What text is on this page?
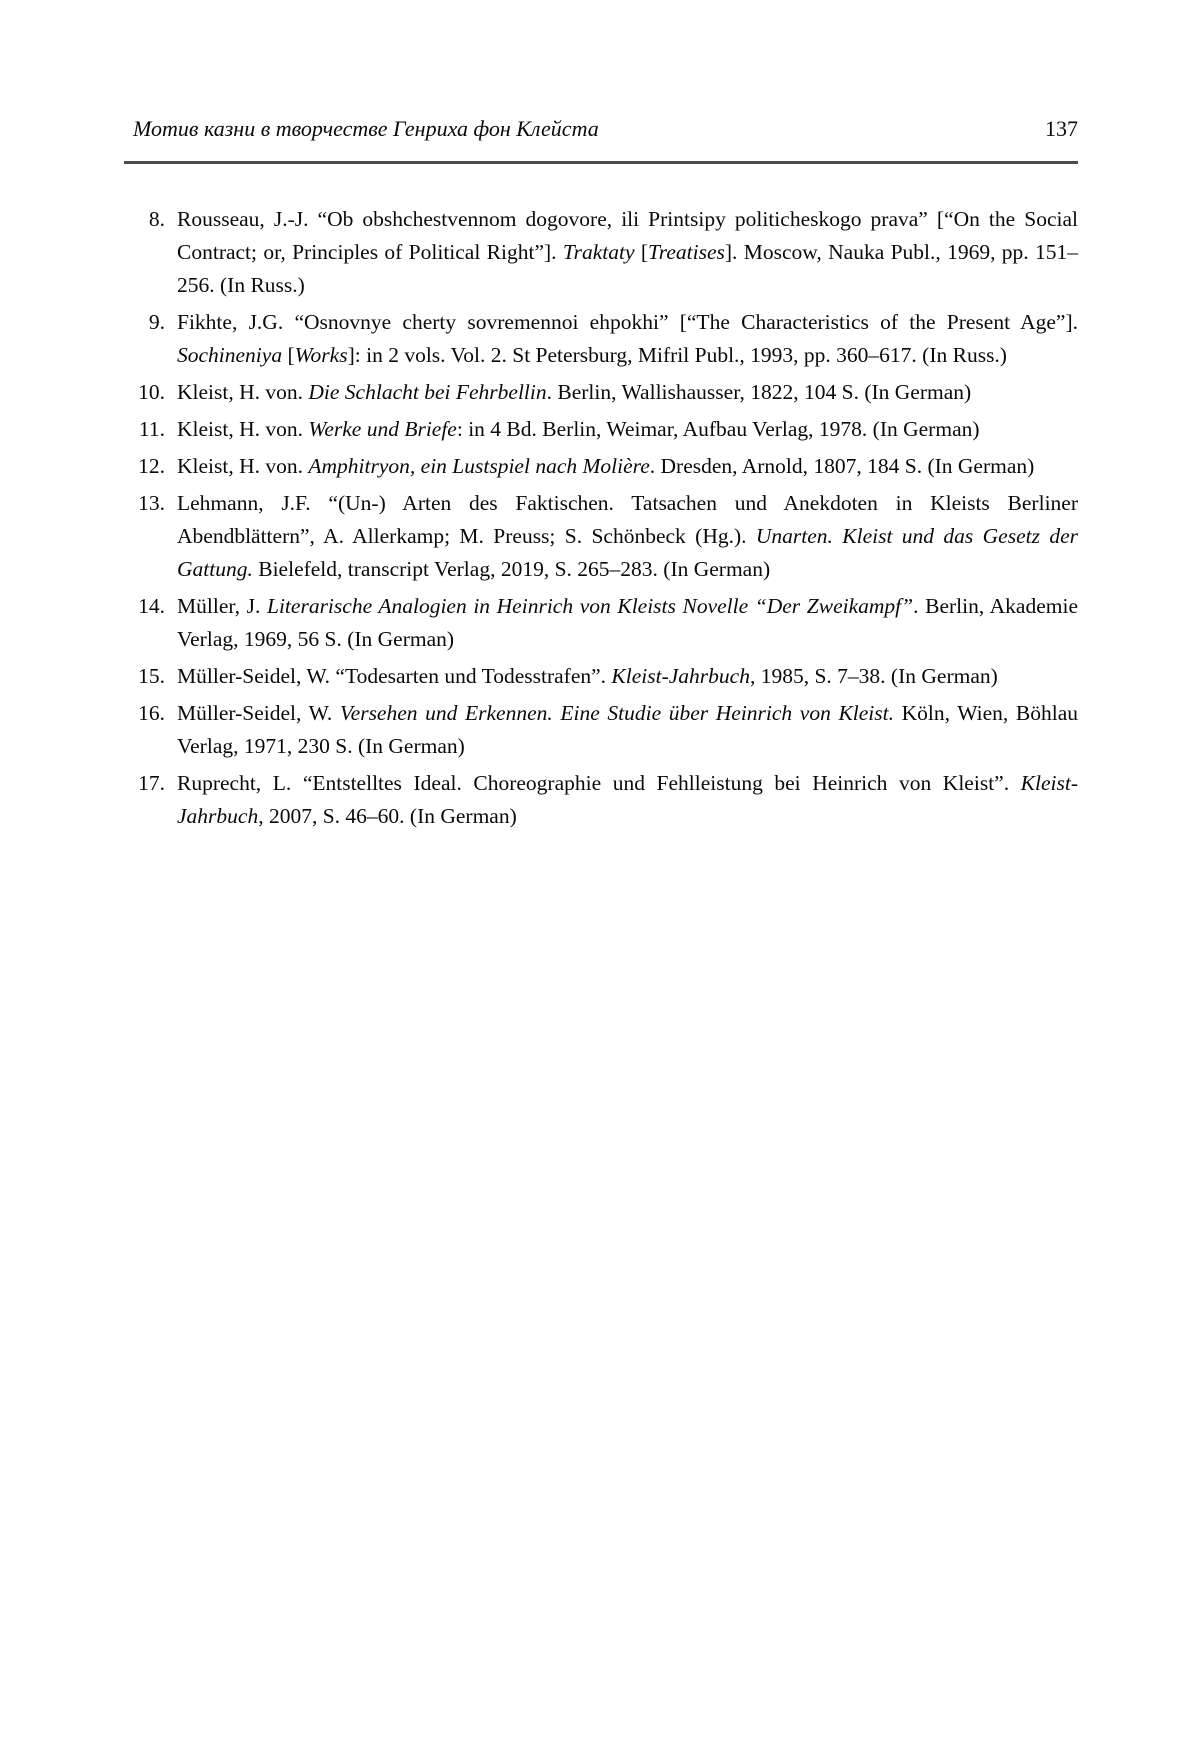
Мотив казни в творчестве Генриха фон Клейста	137
8. Rousseau, J.-J. “Ob obshchestvennom dogovore, ili Printsipy politicheskogo prava” [“On the Social Contract; or, Principles of Political Right”]. Traktaty [Treatises]. Moscow, Nauka Publ., 1969, pp. 151–256. (In Russ.)
9. Fikhte, J.G. “Osnovnye cherty sovremennoi ehpokhi” [“The Characteristics of the Present Age”]. Sochineniya [Works]: in 2 vols. Vol. 2. St Petersburg, Mifril Publ., 1993, pp. 360–617. (In Russ.)
10. Kleist, H. von. Die Schlacht bei Fehrbellin. Berlin, Wallishausser, 1822, 104 S. (In German)
11. Kleist, H. von. Werke und Briefe: in 4 Bd. Berlin, Weimar, Aufbau Verlag, 1978. (In German)
12. Kleist, H. von. Amphitryon, ein Lustspiel nach Molière. Dresden, Arnold, 1807, 184 S. (In German)
13. Lehmann, J.F. “(Un-) Arten des Faktischen. Tatsachen und Anekdoten in Kleists Berliner Abendblättern”, A. Allerkamp; M. Preuss; S. Schönbeck (Hg.). Unarten. Kleist und das Gesetz der Gattung. Bielefeld, transcript Verlag, 2019, S. 265–283. (In German)
14. Müller, J. Literarische Analogien in Heinrich von Kleists Novelle “Der Zweikampf”. Berlin, Akademie Verlag, 1969, 56 S. (In German)
15. Müller-Seidel, W. “Todesarten und Todesstrafen”. Kleist-Jahrbuch, 1985, S. 7–38. (In German)
16. Müller-Seidel, W. Versehen und Erkennen. Eine Studie über Heinrich von Kleist. Köln, Wien, Böhlau Verlag, 1971, 230 S. (In German)
17. Ruprecht, L. “Entstelltes Ideal. Choreographie und Fehlleistung bei Heinrich von Kleist”. Kleist-Jahrbuch, 2007, S. 46–60. (In German)
